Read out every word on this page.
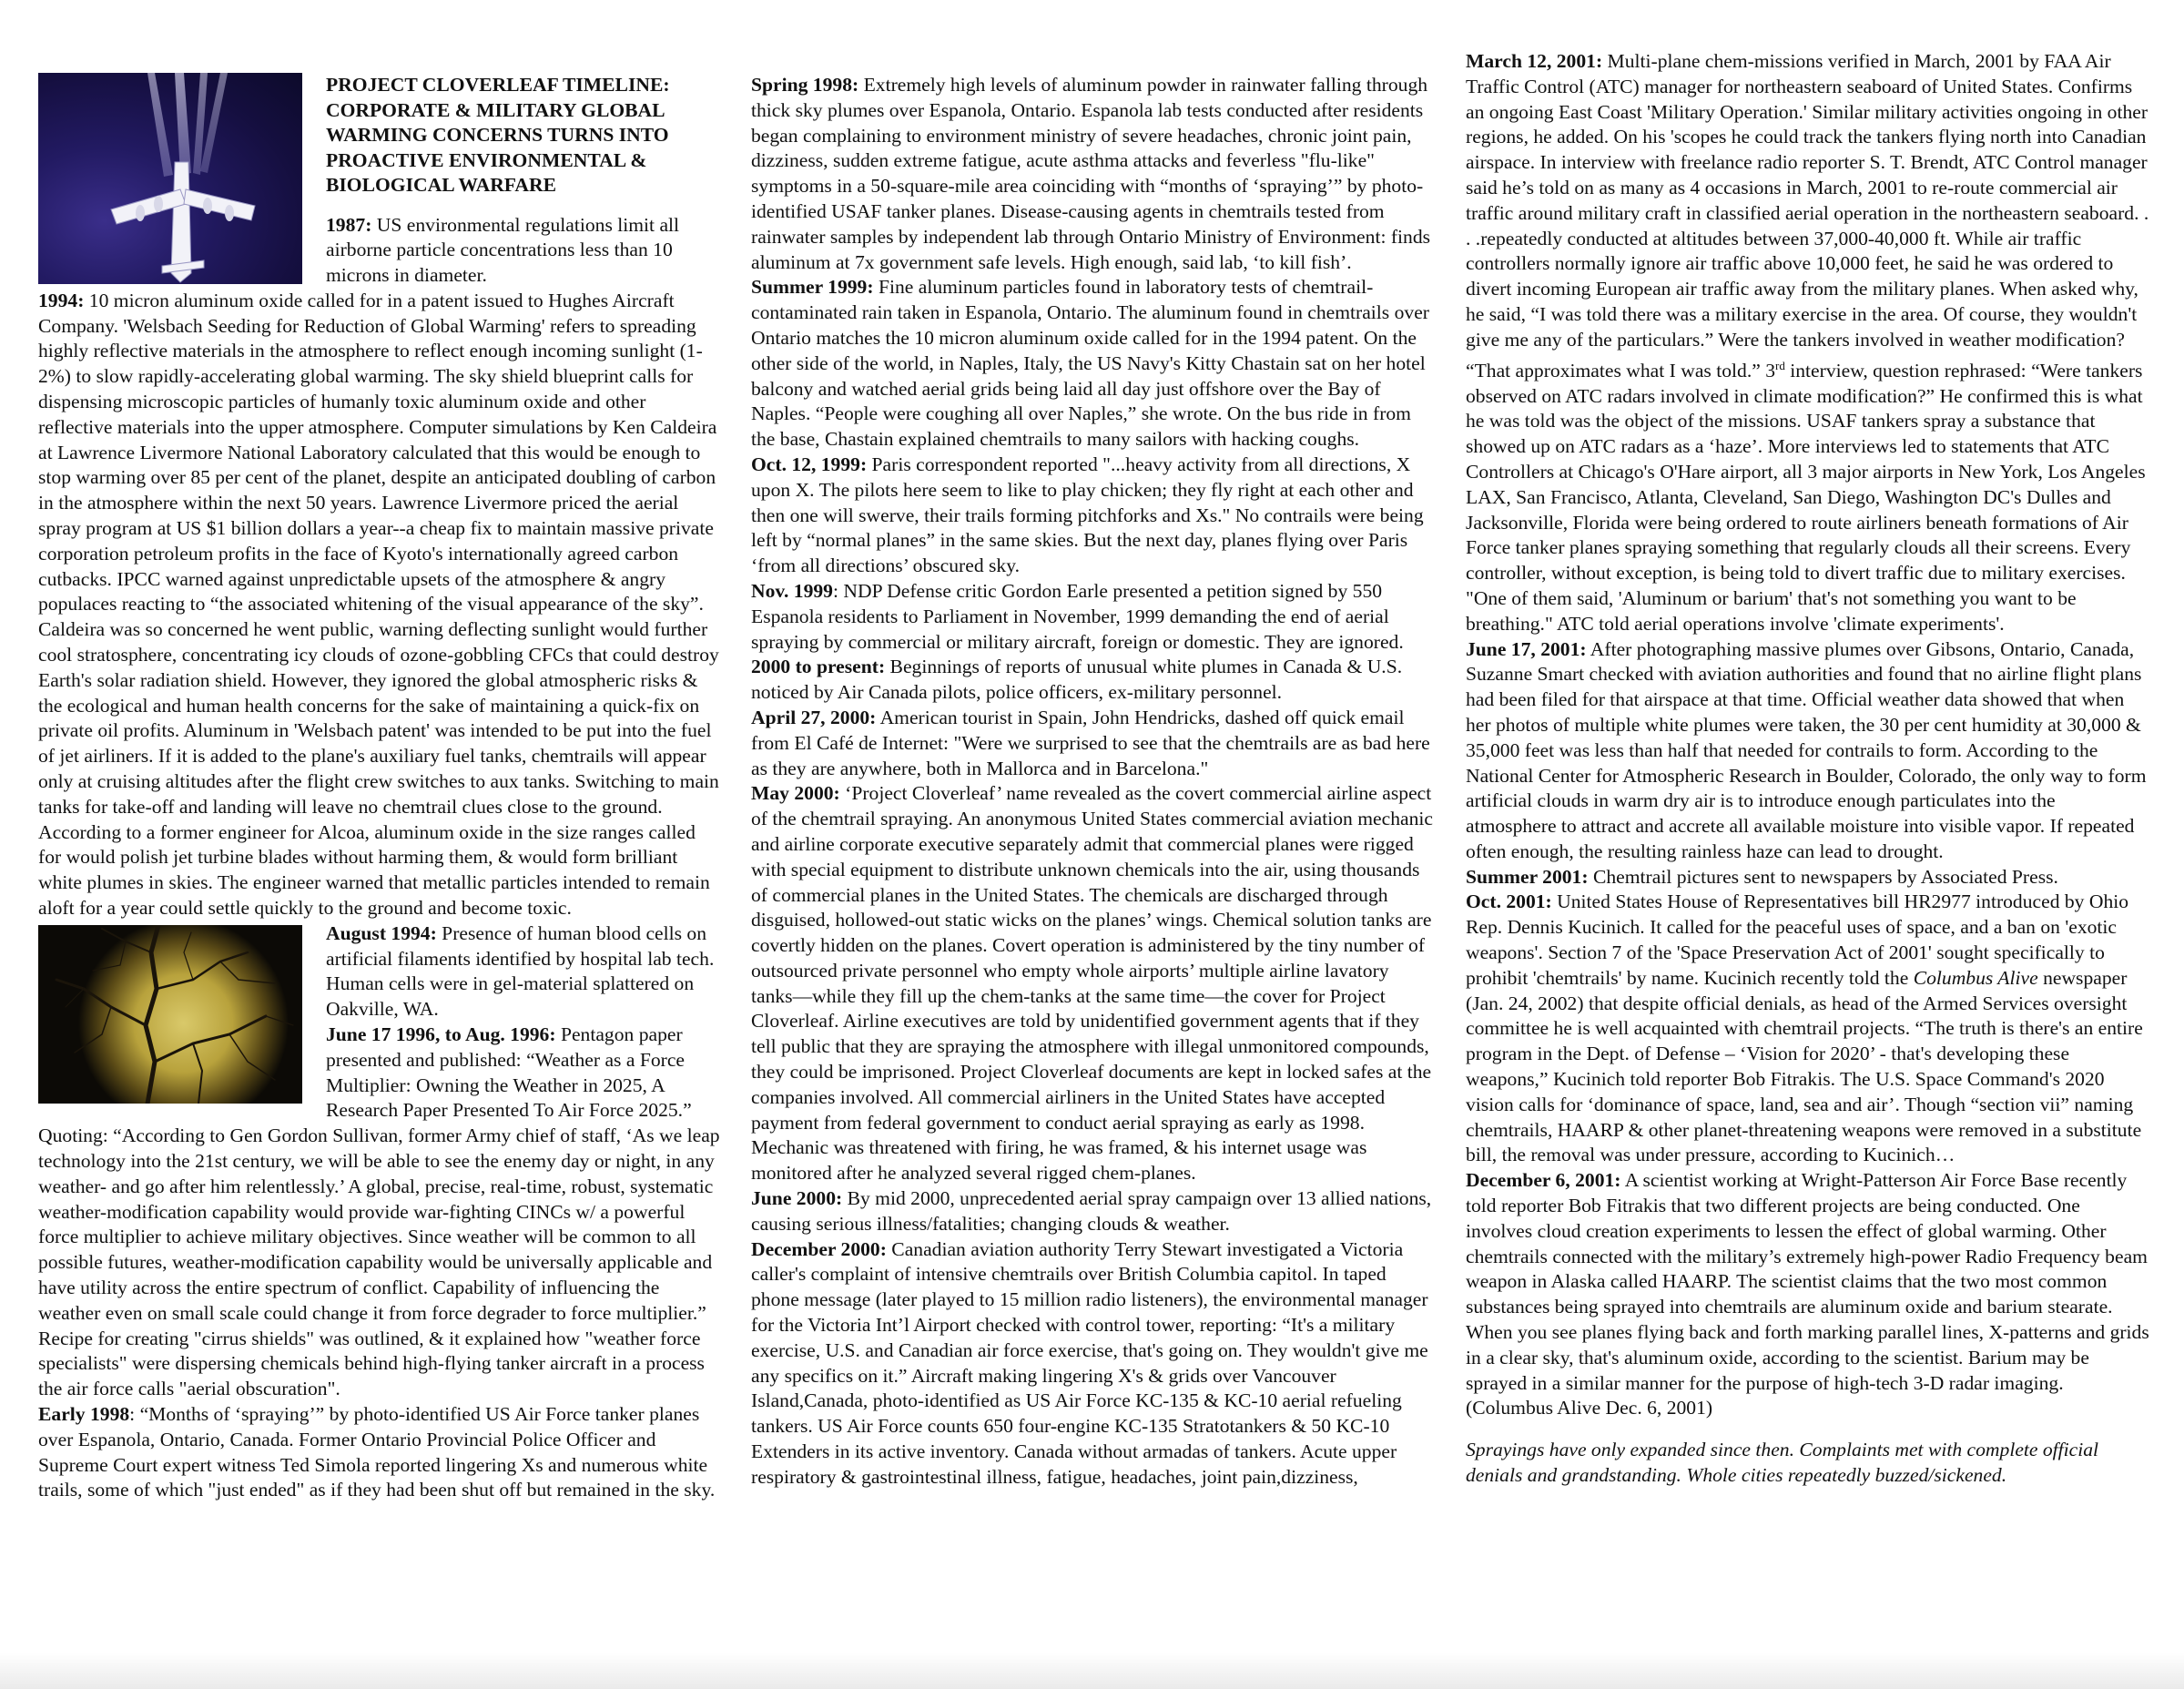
PROJECT CLOVERLEAF TIMELINE: CORPORATE & MILITARY GLOBAL WARMING CONCERNS TURNS INTO PROACTIVE ENVIRONMENTAL & BIOLOGICAL WARFARE

1987: US environmental regulations limit all airborne particle concentrations less than 10 microns in diameter.

1994: 10 micron aluminum oxide called for in a patent issued to Hughes Aircraft Company. 'Welsbach Seeding for Reduction of Global Warming' refers to spreading highly reflective materials in the atmosphere to reflect enough incoming sunlight (1-2%) to slow rapidly-accelerating global warming. The sky shield blueprint calls for dispensing microscopic particles of humanly toxic aluminum oxide and other reflective materials into the upper atmosphere. Computer simulations by Ken Caldeira at Lawrence Livermore National Laboratory calculated that this would be enough to stop warming over 85 per cent of the planet, despite an anticipated doubling of carbon in the atmosphere within the next 50 years. Lawrence Livermore priced the aerial spray program at US $1 billion dollars a year--a cheap fix to maintain massive private corporation petroleum profits in the face of Kyoto's internationally agreed carbon cutbacks. IPCC warned against unpredictable upsets of the atmosphere & angry populaces reacting to “the associated whitening of the visual appearance of the sky”. Caldeira was so concerned he went public, warning deflecting sunlight would further cool stratosphere, concentrating icy clouds of ozone-gobbling CFCs that could destroy Earth's solar radiation shield. However, they ignored the global atmospheric risks & the ecological and human health concerns for the sake of maintaining a quick-fix on private oil profits. Aluminum in 'Welsbach patent' was intended to be put into the fuel of jet airliners. If it is added to the plane's auxiliary fuel tanks, chemtrails will appear only at cruising altitudes after the flight crew switches to aux tanks. Switching to main tanks for take-off and landing will leave no chemtrail clues close to the ground. According to a former engineer for Alcoa, aluminum oxide in the size ranges called for would polish jet turbine blades without harming them, & would form brilliant white plumes in skies. The engineer warned that metallic particles intended to remain aloft for a year could settle quickly to the ground and become toxic.

August 1994: Presence of human blood cells on artificial filaments identified by hospital lab tech. Human cells were in gel-material splattered on Oakville, WA.

June 17 1996, to Aug. 1996: Pentagon paper presented and published: “Weather as a Force Multiplier: Owning the Weather in 2025, A Research Paper Presented To Air Force 2025.” Quoting: “According to Gen Gordon Sullivan, former Army chief of staff, ‘As we leap technology into the 21st century, we will be able to see the enemy day or night, in any weather- and go after him relentlessly.’ A global, precise, real-time, robust, systematic weather-modification capability would provide war-fighting CINCs w/ a powerful force multiplier to achieve military objectives. Since weather will be common to all possible futures, weather-modification capability would be universally applicable and have utility across the entire spectrum of conflict. Capability of influencing the weather even on small scale could change it from force degrader to force multiplier.” Recipe for creating "cirrus shields" was outlined, & it explained how "weather force specialists" were dispersing chemicals behind high-flying tanker aircraft in a process the air force calls "aerial obscuration".

Early 1998: “Months of ‘spraying’” by photo-identified US Air Force tanker planes over Espanola, Ontario, Canada. Former Ontario Provincial Police Officer and Supreme Court expert witness Ted Simola reported lingering Xs and numerous white trails, some of which "just ended" as if they had been shut off but remained in the sky.

Spring 1998: Extremely high levels of aluminum powder in rainwater falling through thick sky plumes over Espanola, Ontario. Espanola lab tests conducted after residents began complaining to environment ministry of severe headaches, chronic joint pain, dizziness, sudden extreme fatigue, acute asthma attacks and feverless "flu-like" symptoms in a 50-square-mile area coinciding with “months of ‘spraying’” by photo-identified USAF tanker planes. Disease-causing agents in chemtrails tested from rainwater samples by independent lab through Ontario Ministry of Environment: finds aluminum at 7x government safe levels. High enough, said lab, ‘to kill fish’.

Summer 1999: Fine aluminum particles found in laboratory tests of chemtrail-contaminated rain taken in Espanola, Ontario. The aluminum found in chemtrails over Ontario matches the 10 micron aluminum oxide called for in the 1994 patent. On the other side of the world, in Naples, Italy, the US Navy's Kitty Chastain sat on her hotel balcony and watched aerial grids being laid all day just offshore over the Bay of Naples. “People were coughing all over Naples,” she wrote. On the bus ride in from the base, Chastain explained chemtrails to many sailors with hacking coughs.

Oct. 12, 1999: Paris correspondent reported "...heavy activity from all directions, X upon X. The pilots here seem to like to play chicken; they fly right at each other and then one will swerve, their trails forming pitchforks and Xs." No contrails were being left by “normal planes” in the same skies. But the next day, planes flying over Paris ‘from all directions’ obscured sky.

Nov. 1999: NDP Defense critic Gordon Earle presented a petition signed by 550 Espanola residents to Parliament in November, 1999 demanding the end of aerial spraying by commercial or military aircraft, foreign or domestic. They are ignored.

2000 to present: Beginnings of reports of unusual white plumes in Canada & U.S. noticed by Air Canada pilots, police officers, ex-military personnel.

April 27, 2000: American tourist in Spain, John Hendricks, dashed off quick email from El Café de Internet: "Were we surprised to see that the chemtrails are as bad here as they are anywhere, both in Mallorca and in Barcelona."

May 2000: ‘Project Cloverleaf’ name revealed as the covert commercial airline aspect of the chemtrail spraying. An anonymous United States commercial aviation mechanic and airline corporate executive separately admit that commercial planes were rigged with special equipment to distribute unknown chemicals into the air, using thousands of commercial planes in the United States. The chemicals are discharged through disguised, hollowed-out static wicks on the planes’ wings. Chemical solution tanks are covertly hidden on the planes. Covert operation is administered by the tiny number of outsourced private personnel who empty whole airports’ multiple airline lavatory tanks—while they fill up the chem-tanks at the same time—the cover for Project Cloverleaf. Airline executives are told by unidentified government agents that if they tell public that they are spraying the atmosphere with illegal unmonitored compounds, they could be imprisoned. Project Cloverleaf documents are kept in locked safes at the companies involved. All commercial airliners in the United States have accepted payment from federal government to conduct aerial spraying as early as 1998. Mechanic was threatened with firing, he was framed, & his internet usage was monitored after he analyzed several rigged chem-planes.

June 2000: By mid 2000, unprecedented aerial spray campaign over 13 allied nations, causing serious illness/fatalities; changing clouds & weather.

December 2000: Canadian aviation authority Terry Stewart investigated a Victoria caller's complaint of intensive chemtrails over British Columbia capitol. In taped phone message (later played to 15 million radio listeners), the environmental manager for the Victoria Int’l Airport checked with control tower, reporting: “It's a military exercise, U.S. and Canadian air force exercise, that's going on. They wouldn't give me any specifics on it.” Aircraft making lingering X's & grids over Vancouver Island,Canada, photo-identified as US Air Force KC-135 & KC-10 aerial refueling tankers. US Air Force counts 650 four-engine KC-135 Stratotankers & 50 KC-10 Extenders in its active inventory. Canada without armadas of tankers. Acute upper respiratory & gastrointestinal illness, fatigue, headaches, joint pain,dizziness,

March 12, 2001: Multi-plane chem-missions verified in March, 2001 by FAA Air Traffic Control (ATC) manager for northeastern seaboard of United States. Confirms an ongoing East Coast 'Military Operation.' Similar military activities ongoing in other regions, he added. On his 'scopes he could track the tankers flying north into Canadian airspace. In interview with freelance radio reporter S. T. Brendt, ATC Control manager said he’s told on as many as 4 occasions in March, 2001 to re-route commercial air traffic around military craft in classified aerial operation in the northeastern seaboard. . . .repeatedly conducted at altitudes between 37,000-40,000 ft. While air traffic controllers normally ignore air traffic above 10,000 feet, he said he was ordered to divert incoming European air traffic away from the military planes. When asked why, he said, “I was told there was a military exercise in the area. Of course, they wouldn't give me any of the particulars.” Were the tankers involved in weather modification? “That approximates what I was told.” 3rd interview, question rephrased: “Were tankers observed on ATC radars involved in climate modification?” He confirmed this is what he was told was the object of the missions. USAF tankers spray a substance that showed up on ATC radars as a ‘haze’. More interviews led to statements that ATC Controllers at Chicago's O'Hare airport, all 3 major airports in New York, Los Angeles LAX, San Francisco, Atlanta, Cleveland, San Diego, Washington DC's Dulles and Jacksonville, Florida were being ordered to route airliners beneath formations of Air Force tanker planes spraying something that regularly clouds all their screens. Every controller, without exception, is being told to divert traffic due to military exercises. "One of them said, 'Aluminum or barium' that's not something you want to be breathing." ATC told aerial operations involve 'climate experiments'.

June 17, 2001: After photographing massive plumes over Gibsons, Ontario, Canada, Suzanne Smart checked with aviation authorities and found that no airline flight plans had been filed for that airspace at that time. Official weather data showed that when her photos of multiple white plumes were taken, the 30 per cent humidity at 30,000 & 35,000 feet was less than half that needed for contrails to form. According to the National Center for Atmospheric Research in Boulder, Colorado, the only way to form artificial clouds in warm dry air is to introduce enough particulates into the atmosphere to attract and accrete all available moisture into visible vapor. If repeated often enough, the resulting rainless haze can lead to drought.

Summer 2001: Chemtrail pictures sent to newspapers by Associated Press.

Oct. 2001: United States House of Representatives bill HR2977 introduced by Ohio Rep. Dennis Kucinich. It called for the peaceful uses of space, and a ban on 'exotic weapons'. Section 7 of the 'Space Preservation Act of 2001' sought specifically to prohibit 'chemtrails' by name. Kucinich recently told the Columbus Alive newspaper (Jan. 24, 2002) that despite official denials, as head of the Armed Services oversight committee he is well acquainted with chemtrail projects. “The truth is there's an entire program in the Dept. of Defense – ‘Vision for 2020’ - that's developing these weapons,” Kucinich told reporter Bob Fitrakis. The U.S. Space Command's 2020 vision calls for ‘dominance of space, land, sea and air’. Though “section vii” naming chemtrails, HAARP & other planet-threatening weapons were removed in a substitute bill, the removal was under pressure, according to Kucinich…

December 6, 2001: A scientist working at Wright-Patterson Air Force Base recently told reporter Bob Fitrakis that two different projects are being conducted. One involves cloud creation experiments to lessen the effect of global warming. Other chemtrails connected with the military’s extremely high-power Radio Frequency beam weapon in Alaska called HAARP. The scientist claims that the two most common substances being sprayed into chemtrails are aluminum oxide and barium stearate. When you see planes flying back and forth marking parallel lines, X-patterns and grids in a clear sky, that's aluminum oxide, according to the scientist. Barium may be sprayed in a similar manner for the purpose of high-tech 3-D radar imaging. (Columbus Alive Dec. 6, 2001)

Sprayings have only expanded since then. Complaints met with complete official denials and grandstanding. Whole cities repeatedly buzzed/sickened.
